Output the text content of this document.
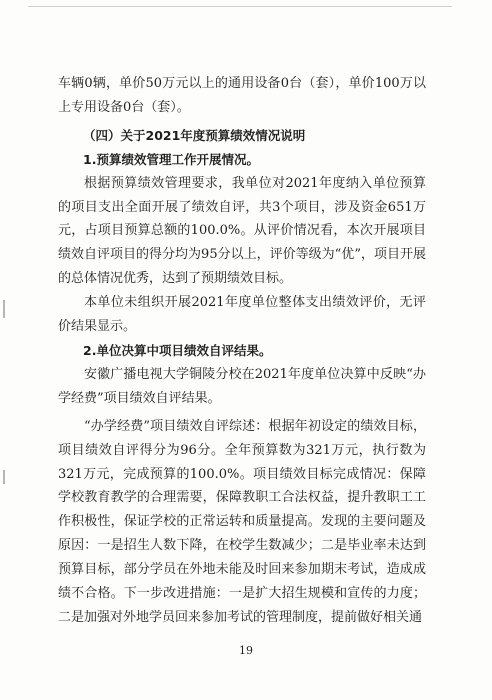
车辆0辆，单价50万元以上的通用设备0台（套），单价100万以上专用设备0台（套）。

（四）关于2021年度预算绩效情况说明

1.预算绩效管理工作开展情况。

根据预算绩效管理要求，我单位对2021年度纳入单位预算的项目支出全面开展了绩效自评，共3个项目，涉及资金651万元，占项目预算总额的100.0%。从评价情况看，本次开展项目绩效自评项目的得分均为95分以上，评价等级为“优”，项目开展的总体情况优秀，达到了预期绩效目标。

本单位未组织开展2021年度单位整体支出绩效评价，无评价结果显示。

2.单位决算中项目绩效自评结果。

安徽广播电视大学铜陵分校在2021年度单位决算中反映“办学经费”项目绩效自评结果。

“办学经费”项目绩效自评综述：根据年初设定的绩效目标，项目绩效自评得分为96分。全年预算数为321万元，执行数为321万元，完成预算的100.0%。项目绩效目标完成情况：保障学校教育教学的合理需要，保障教职工合法权益，提升教职工工作积极性，保证学校的正常运转和质量提高。发现的主要问题及原因：一是招生人数下降，在校学生数减少；二是毕业率未达到预算目标，部分学员在外地未能及时回来参加期末考试，造成成绩不合格。下一步改进措施：一是扩大招生规模和宣传的力度；二是加强对外地学员回来参加考试的管理制度，提前做好相关通

19
